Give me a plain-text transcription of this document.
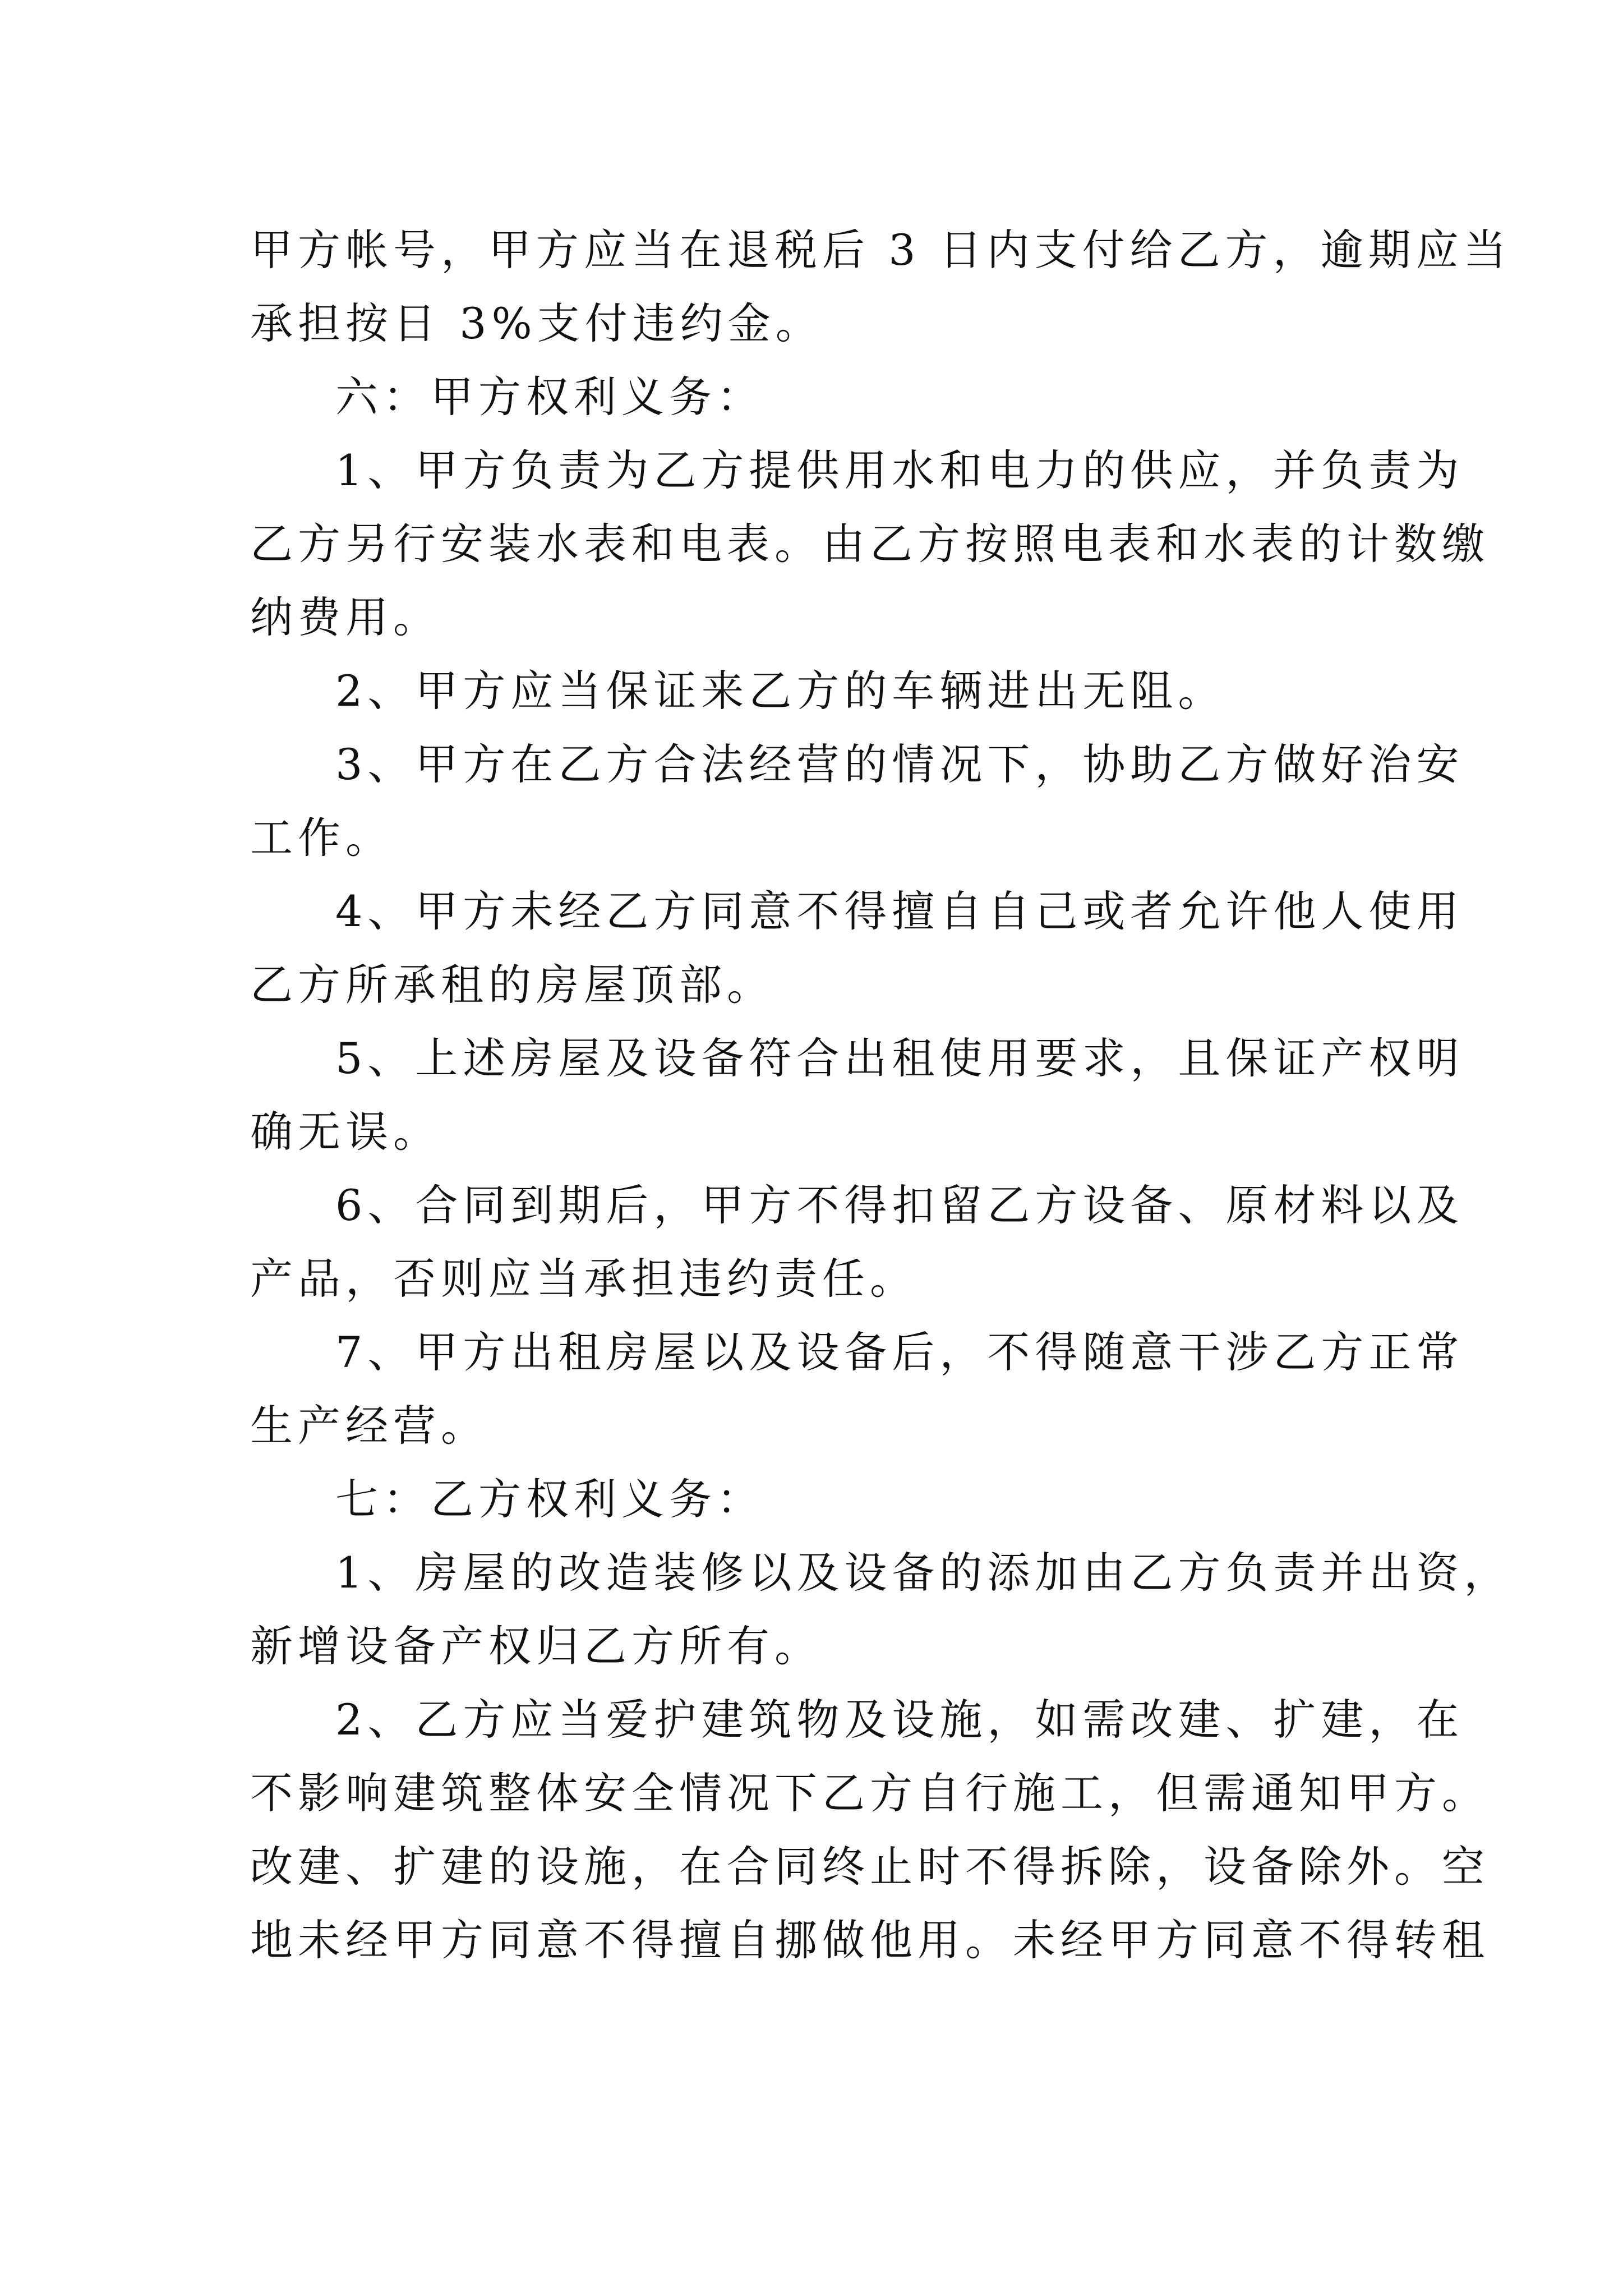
甲方帐号，甲方应当在退税后 3 日内支付给乙方，逾期应当
承担按日 3%支付违约金。
六：甲方权利义务：
1、甲方负责为乙方提供用水和电力的供应，并负责为
乙方另行安装水表和电表。由乙方按照电表和水表的计数缴
纳费用。
2、甲方应当保证来乙方的车辆进出无阻。
3、甲方在乙方合法经营的情况下，协助乙方做好治安
工作。
4、甲方未经乙方同意不得擅自自己或者允许他人使用
乙方所承租的房屋顶部。
5、上述房屋及设备符合出租使用要求，且保证产权明
确无误。
6、合同到期后，甲方不得扣留乙方设备、原材料以及
产品，否则应当承担违约责任。
7、甲方出租房屋以及设备后，不得随意干涉乙方正常
生产经营。
七：乙方权利义务：
1、房屋的改造装修以及设备的添加由乙方负责并出资，
新增设备产权归乙方所有。
2、乙方应当爱护建筑物及设施，如需改建、扩建，在
不影响建筑整体安全情况下乙方自行施工，但需通知甲方。
改建、扩建的设施，在合同终止时不得拆除，设备除外。空
地未经甲方同意不得擅自挪做他用。未经甲方同意不得转租
